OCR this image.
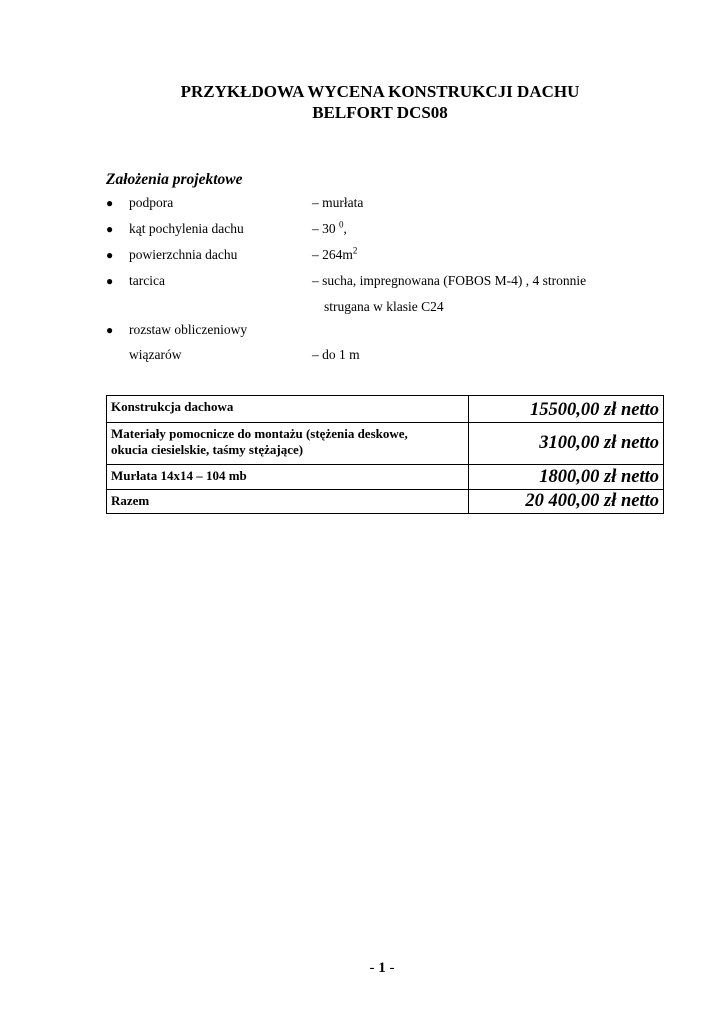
PRZYKŁDOWA WYCENA KONSTRUKCJI DACHU
BELFORT DCS08
Założenia projektowe
● podpora	– murłata
● kąt pochylenia dachu	– 30 $^0$,
● powierzchnia dachu	– $264m^2$
● tarcica	– sucha, impregnowana (FOBOS M-4) , 4 stronnie
strugana w klasie C24
● rozstaw obliczeniowy
wiązarów	– do 1 m
Konstrukcja dachowa	15500,00 zł netto

Materiały pomocnicze do montażu (stężenia deskowe,
okucia ciesielskie, taśmy stężające)	3100,00 zł netto
Murłata 14x14 – 104 mb	1800,00 zł netto
Razem	20 400,00 zł netto
- 1 -
